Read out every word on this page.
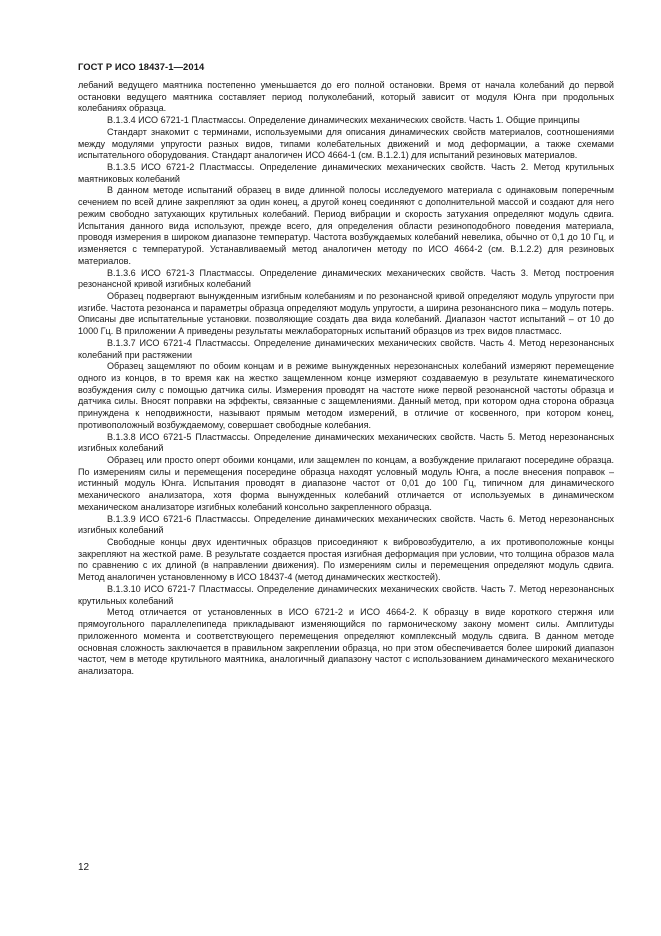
ГОСТ Р ИСО 18437-1—2014

лебаний ведущего маятника постепенно уменьшается до его полной остановки. Время от начала колебаний до первой остановки ведущего маятника составляет период полуколебаний, который зависит от модуля Юнга при продольных колебаниях образца.

B.1.3.4 ИСО 6721-1 Пластмассы. Определение динамических механических свойств. Часть 1. Общие принципы

Стандарт знакомит с терминами, используемыми для описания динамических свойств материалов, соотношениями между модулями упругости разных видов, типами колебательных движений и мод деформации, а также схемами испытательного оборудования. Стандарт аналогичен ИСО 4664-1 (см. B.1.2.1) для испытаний резиновых материалов.

B.1.3.5 ИСО 6721-2 Пластмассы. Определение динамических механических свойств. Часть 2. Метод крутильных маятниковых колебаний

В данном методе испытаний образец в виде длинной полосы исследуемого материала с одинаковым поперечным сечением по всей длине закрепляют за один конец, а другой конец соединяют с дополнительной массой и создают для него режим свободно затухающих крутильных колебаний. Период вибрации и скорость затухания определяют модуль сдвига. Испытания данного вида используют, прежде всего, для определения области резиноподобного поведения материала, проводя измерения в широком диапазоне температур. Частота возбуждаемых колебаний невелика, обычно от 0,1 до 10 Гц, и изменяется с температурой. Устанавливаемый метод аналогичен методу по ИСО 4664-2 (см. B.1.2.2) для резиновых материалов.

B.1.3.6 ИСО 6721-3 Пластмассы. Определение динамических механических свойств. Часть 3. Метод построения резонансной кривой изгибных колебаний

Образец подвергают вынужденным изгибным колебаниям и по резонансной кривой определяют модуль упругости при изгибе. Частота резонанса и параметры образца определяют модуль упругости, а ширина резонансного пика – модуль потерь. Описаны две испытательные установки. позволяющие создать два вида колебаний. Диапазон частот испытаний – от 10 до 1000 Гц. В приложении А приведены результаты межлабораторных испытаний образцов из трех видов пластмасс.

B.1.3.7 ИСО 6721-4 Пластмассы. Определение динамических механических свойств. Часть 4. Метод нерезонансных колебаний при растяжении

Образец защемляют по обоим концам и в режиме вынужденных нерезонансных колебаний измеряют перемещение одного из концов, в то время как на жестко защемленном конце измеряют создаваемую в результате кинематического возбуждения силу с помощью датчика силы. Измерения проводят на частоте ниже первой резонансной частоты образца и датчика силы. Вносят поправки на эффекты, связанные с защемлениями. Данный метод, при котором одна сторона образца принуждена к неподвижности, называют прямым методом измерений, в отличие от косвенного, при котором конец, противоположный возбуждаемому, совершает свободные колебания.

B.1.3.8 ИСО 6721-5 Пластмассы. Определение динамических механических свойств. Часть 5. Метод нерезонансных изгибных колебаний

Образец или просто оперт обоими концами, или защемлен по концам, а возбуждение прилагают посередине образца. По измерениям силы и перемещения посередине образца находят условный модуль Юнга, а после внесения поправок – истинный модуль Юнга. Испытания проводят в диапазоне частот от 0,01 до 100 Гц, типичном для динамического механического анализатора, хотя форма вынужденных колебаний отличается от используемых в динамическом механическом анализаторе изгибных колебаний консольно закрепленного образца.

B.1.3.9 ИСО 6721-6 Пластмассы. Определение динамических механических свойств. Часть 6. Метод нерезонансных изгибных колебаний

Свободные концы двух идентичных образцов присоединяют к вибровозбудителю, а их противоположные концы закрепляют на жесткой раме. В результате создается простая изгибная деформация при условии, что толщина образов мала по сравнению с их длиной (в направлении движения). По измерениям силы и перемещения определяют модуль сдвига. Метод аналогичен установленному в ИСО 18437-4 (метод динамических жесткостей).

B.1.3.10 ИСО 6721-7 Пластмассы. Определение динамических механических свойств. Часть 7. Метод нерезонансных крутильных колебаний

Метод отличается от установленных в ИСО 6721-2 и ИСО 4664-2. К образцу в виде короткого стержня или прямоугольного параллелепипеда прикладывают изменяющийся по гармоническому закону момент силы. Амплитуды приложенного момента и соответствующего перемещения определяют комплексный модуль сдвига. В данном методе основная сложность заключается в правильном закреплении образца, но при этом обеспечивается более широкий диапазон частот, чем в методе крутильного маятника, аналогичный диапазону частот с использованием динамического механического анализатора.

12
